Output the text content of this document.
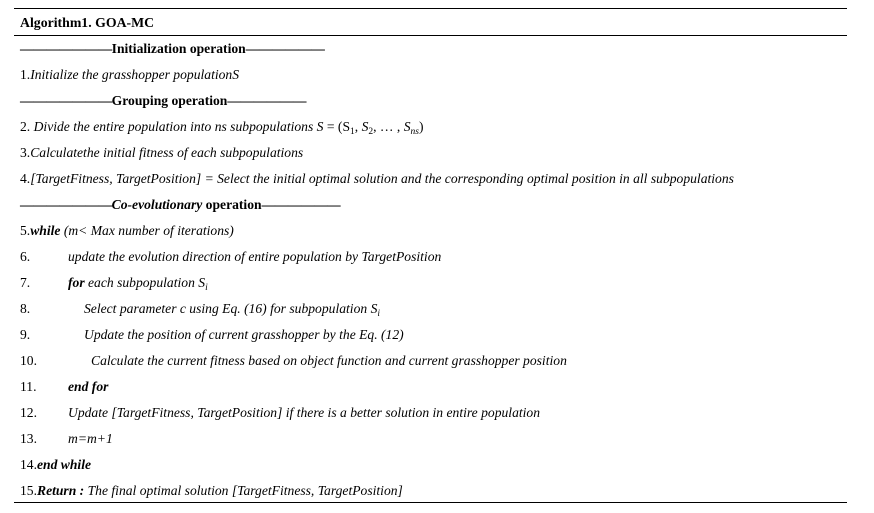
Algorithm1. GOA-MC
———————Initialization operation——————
1.Initialize the grasshopper populationS
———————Grouping operation——————
2. Divide the entire population into ns subpopulations $S = (S_1$, $S_2$, … , $S_{ns}$)
3.Calculatethe initial fitness of each subpopulations
4.[TargetFitness, TargetPosition] = Select the initial optimal solution and the corresponding optimal position in all subpopulations
———————Co-evolutionary operation——————
5.while (m< Max number of iterations)
6.	update the evolution direction of entire population by TargetPosition
7.	for each subpopulation $S_i$
8.	Select parameter c using Eq. (16) for subpopulation $S_i$
9.	Update the position of current grasshopper by the Eq. (12)
10.	Calculate the current fitness based on object function and current grasshopper position
11. end for
12. Update [TargetFitness, TargetPosition] if there is a better solution in entire population
13. m=m+1
14.end while
15.Return : The final optimal solution [TargetFitness, TargetPosition]
